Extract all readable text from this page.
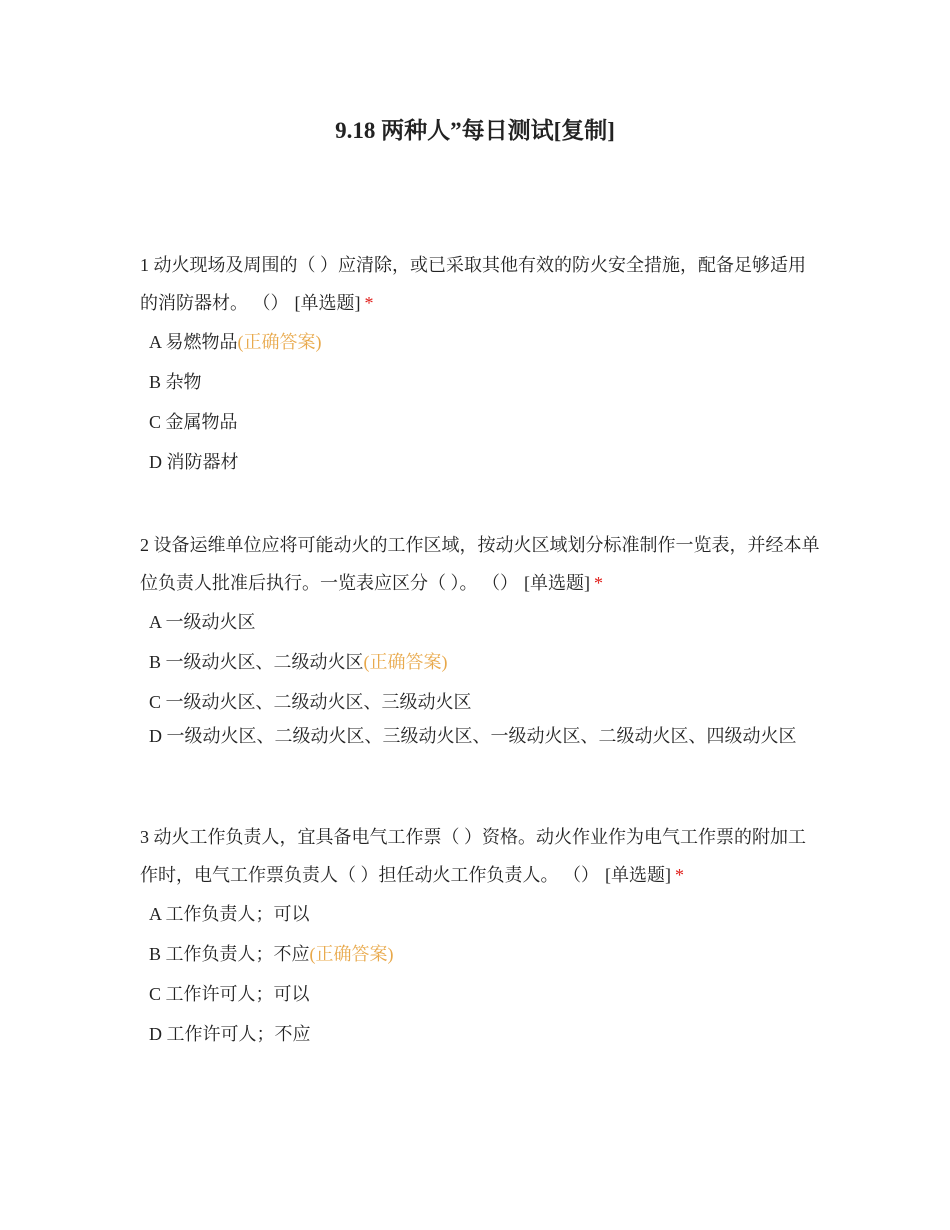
9.18 两种人”每日测试[复制]

1 动火现场及周围的（ ）应清除，或已采取其他有效的防火安全措施，配备足够适用的消防器材。 （） [单选题] *

A 易燃物品(正确答案)
B 杂物
C 金属物品
D 消防器材

2 设备运维单位应将可能动火的工作区域，按动火区域划分标准制作一览表，并经本单位负责人批准后执行。一览表应区分（ ）。 （） [单选题] *

A 一级动火区
B 一级动火区、二级动火区(正确答案)
C 一级动火区、二级动火区、三级动火区
D 一级动火区、二级动火区、三级动火区、一级动火区、二级动火区、四级动火区

3 动火工作负责人，宜具备电气工作票（ ）资格。动火作业作为电气工作票的附加工作时，电气工作票负责人（ ）担任动火工作负责人。 （） [单选题] *

A 工作负责人；可以
B 工作负责人；不应(正确答案)
C 工作许可人；可以
D 工作许可人；不应
